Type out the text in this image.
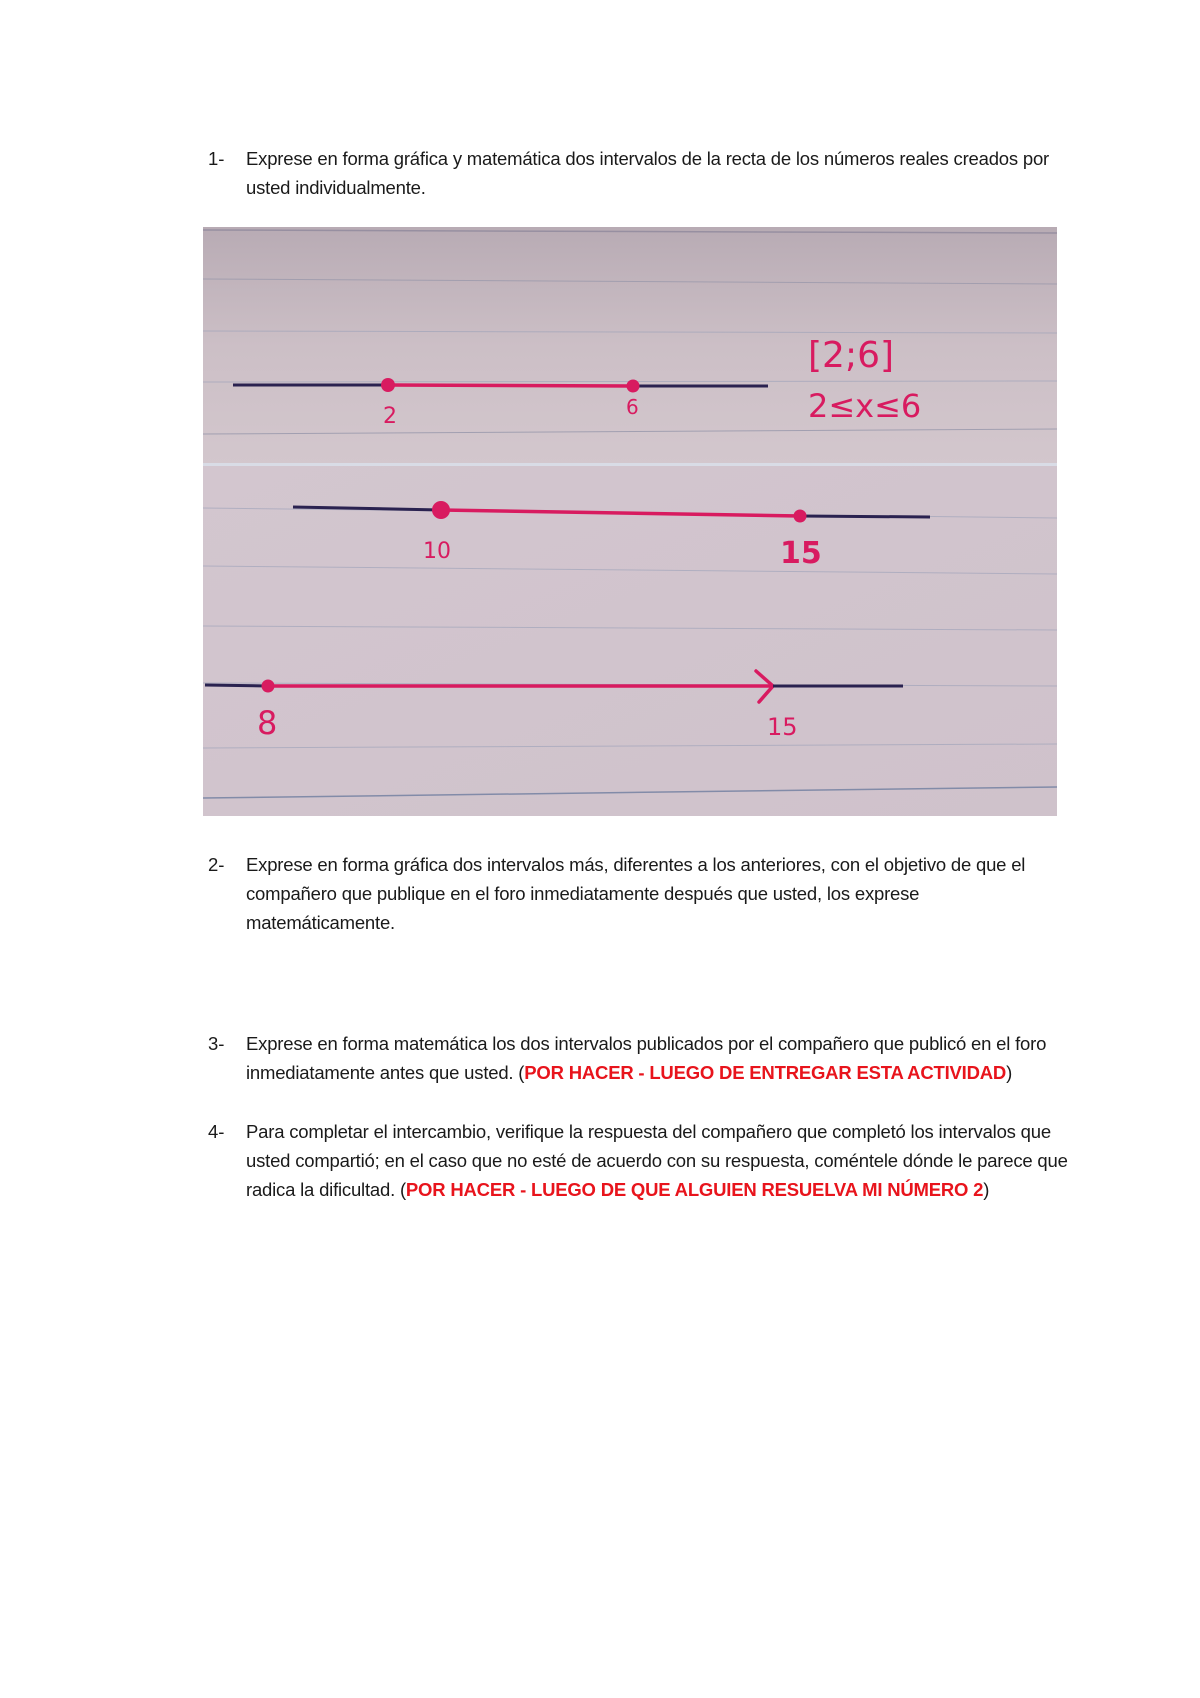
1-	Exprese en forma gráfica y matemática dos intervalos de la recta de los números reales creados por usted individualmente.
2	6
[2;6]
2≤x≤6
10	15
8	15
2-	Exprese en forma gráfica dos intervalos más, diferentes a los anteriores, con el objetivo de que el compañero que publique en el foro inmediatamente después que usted, los exprese matemáticamente.
3-	Exprese en forma matemática los dos intervalos publicados por el compañero que publicó en el foro inmediatamente antes que usted. (POR HACER - LUEGO DE ENTREGAR ESTA ACTIVIDAD)
4-	Para completar el intercambio, verifique la respuesta del compañero que completó los intervalos que usted compartió; en el caso que no esté de acuerdo con su respuesta, coméntele dónde le parece que radica la dificultad. (POR HACER - LUEGO DE QUE ALGUIEN RESUELVA MI NÚMERO 2)
